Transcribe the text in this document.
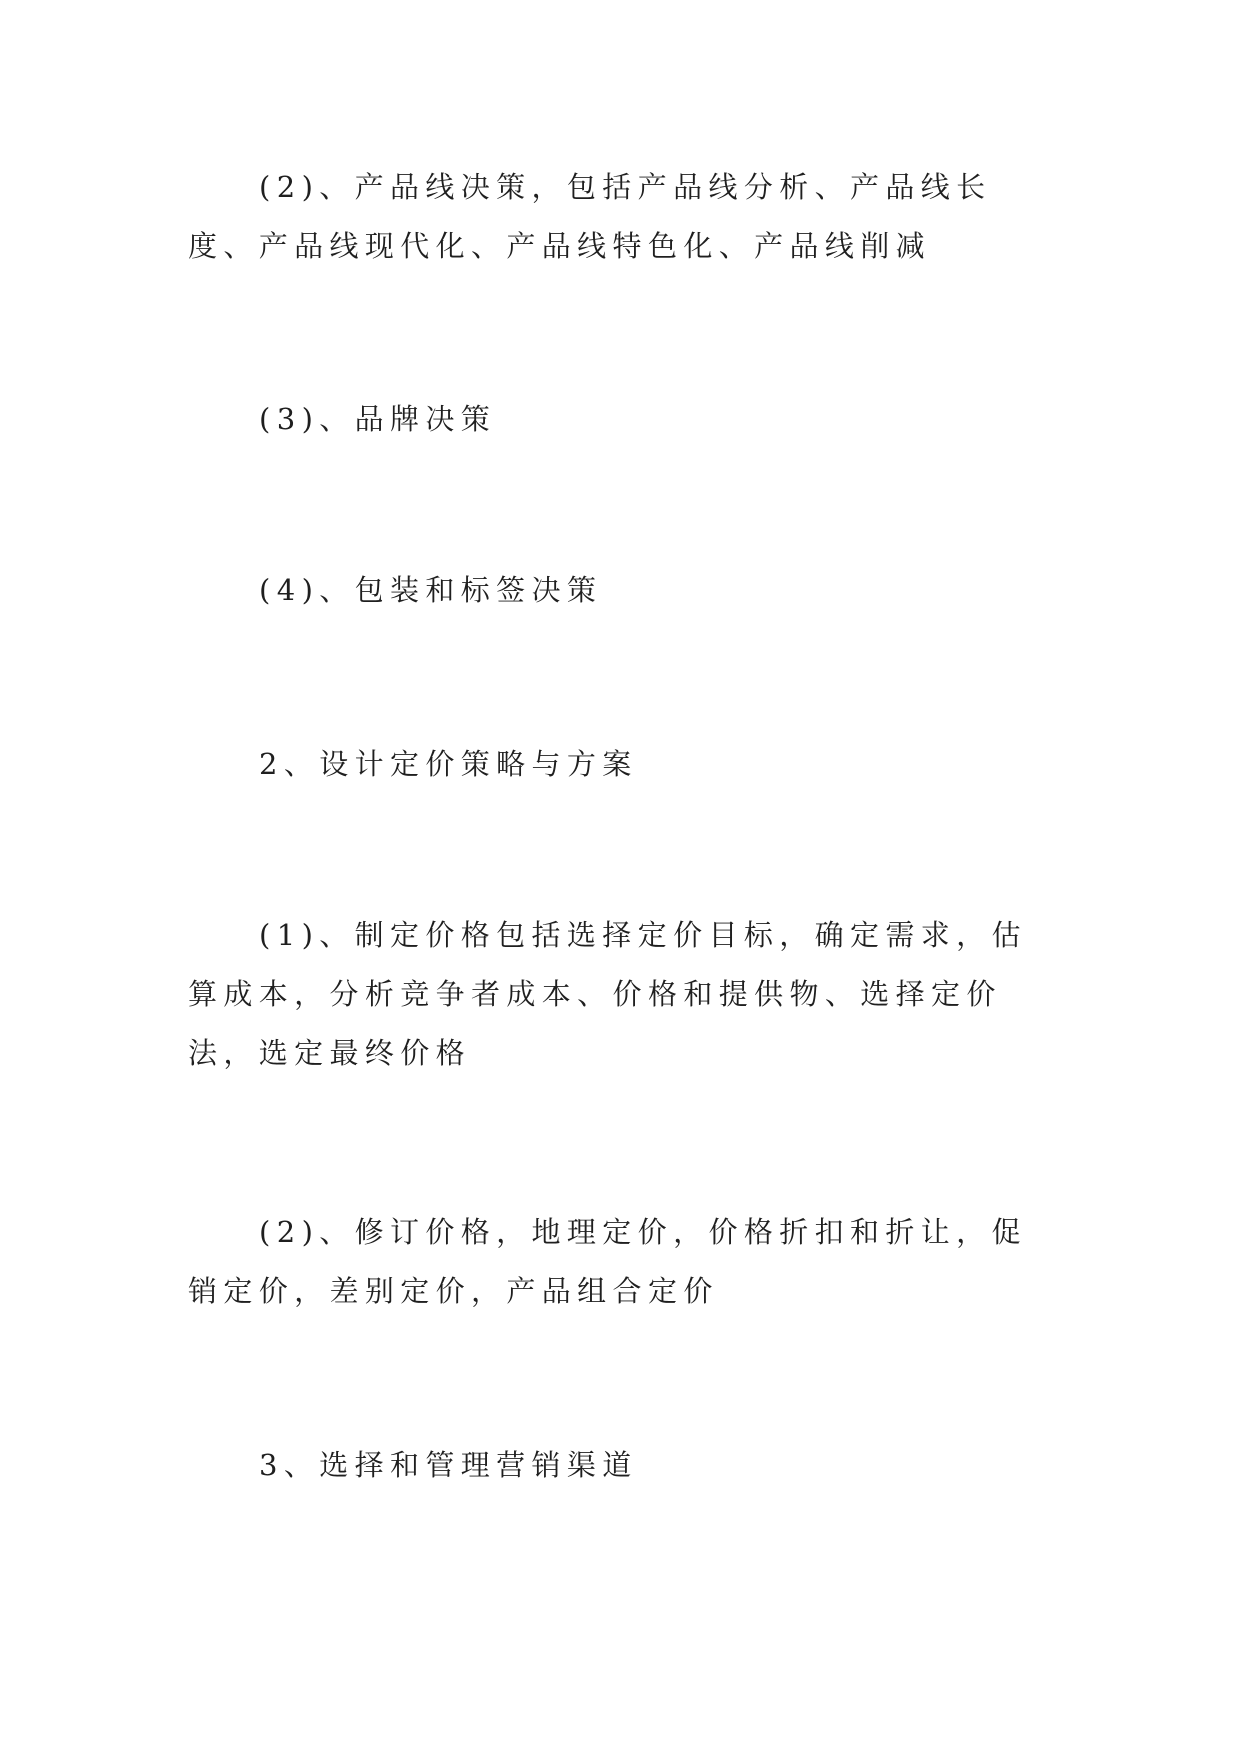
(2)、产品线决策，包括产品线分析、产品线长度、产品线现代化、产品线特色化、产品线削减

(3)、品牌决策

(4)、包装和标签决策

2、设计定价策略与方案

(1)、制定价格包括选择定价目标，确定需求，估算成本，分析竞争者成本、价格和提供物、选择定价法，选定最终价格

(2)、修订价格，地理定价，价格折扣和折让，促销定价，差别定价，产品组合定价

3、选择和管理营销渠道
